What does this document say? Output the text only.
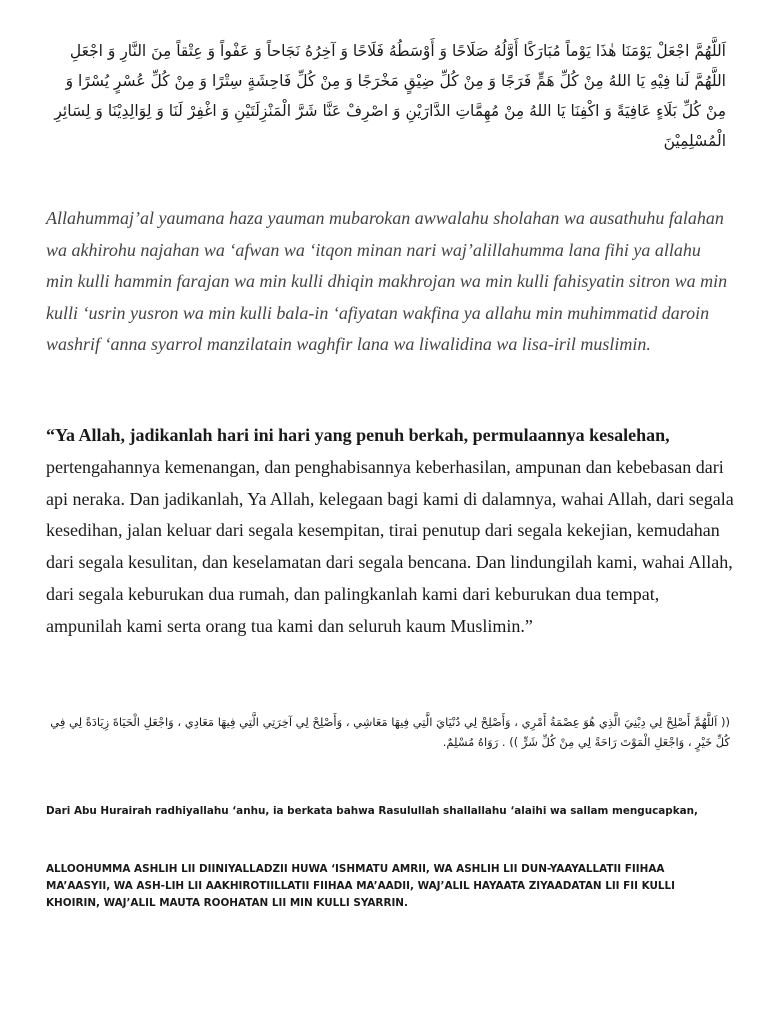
اَللَّهُمَّ اجْعَلْ يَوْمَنَا هٰذَا يَوْماً مُبَارَكًا أَوَّلُهُ صَلَاحًا وَ أَوْسَطُهُ فَلَاحًا وَ آخِرُهُ نَجَاحاً وَ عَفْواً وَ عِتْقاً مِنَ النَّارِ وَ اجْعَلِ اللَّهُمَّ لَنا فِيْهِ يَا اللهُ مِنْ كُلِّ هَمٍّ فَرَجًا وَ مِنْ كُلِّ ضِيْقٍ مَخْرَجًا وَ مِنْ كُلِّ فَاحِشَةٍ سِتْرًا وَ مِنْ كُلِّ عُسْرٍ يُسْرًا وَ مِنْ كُلِّ بَلَاءٍ عَافِيَةً وَ اكْفِنَا يَا اللهُ مِنْ مُهِمَّاتِ الدَّارَيْنِ وَ اصْرِفْ عَنَّا شَرَّ الْمَنْزِلَتَيْنِ وَ اغْفِرْ لَنَا وَ لِوَالِدِيْنَا وَ لِسَائِرِ الْمُسْلِمِيْنَ

Allahummaj’al yaumana haza yauman mubarokan awwalahu sholahan wa ausathuhu falahan wa akhirohu najahan wa ‘afwan wa ‘itqon minan nari waj’alillahumma lana fihi ya allahu min kulli hammin farajan wa min kulli dhiqin makhrojan wa min kulli fahisyatin sitron wa min kulli ‘usrin yusron wa min kulli bala-in ‘afiyatan wakfina ya allahu min muhimmatid daroin washrif ‘anna syarrol manzilatain waghfir lana wa liwalidina wa lisa-iril muslimin.

“Ya Allah, jadikanlah hari ini hari yang penuh berkah, permulaannya kesalehan, pertengahannya kemenangan, dan penghabisannya keberhasilan, ampunan dan kebebasan dari api neraka. Dan jadikanlah, Ya Allah, kelegaan bagi kami di dalamnya, wahai Allah, dari segala kesedihan, jalan keluar dari segala kesempitan, tirai penutup dari segala kekejian, kemudahan dari segala kesulitan, dan keselamatan dari segala bencana. Dan lindungilah kami, wahai Allah, dari segala keburukan dua rumah, dan palingkanlah kami dari keburukan dua tempat, ampunilah kami serta orang tua kami dan seluruh kaum Muslimin.”

(( اَللَّهُمَّ أَصْلِحْ لِي دِيْنِيَ الَّذِي هُوَ عِصْمَةُ أَمْرِي ، وَأَصْلِحْ لِي دُنْيَايَ الَّتِي فِيهَا مَعَاشِي ، وَأَصْلِحْ لِي آخِرَتِي الَّتِي فِيهَا مَعَادِي ، وَاجْعَلِ الْحَيَاةَ زِيَادَةً لِي فِي كُلِّ خَيْرٍ ، وَاجْعَلِ الْمَوْتَ رَاحَةً لِي مِنْ كُلِّ شَرٍّ )) . رَوَاهُ مُسْلِمٌ.

Dari Abu Hurairah radhiyallahu ‘anhu, ia berkata bahwa Rasulullah shallallahu ‘alaihi wa sallam mengucapkan,

ALLOOHUMMA ASHLIH LII DIINIYALLADZII HUWA ‘ISHMATU AMRII, WA ASHLIH LII DUN-YAAYALLATII FIIHAA MA’AASYII, WA ASH-LIH LII AAKHIROTIILLATII FIIHAA MA’AADII, WAJ’ALIL HAYAATA ZIYAADATAN LII FII KULLI KHOIRIN, WAJ’ALIL MAUTA ROOHATAN LII MIN KULLI SYARRIN.
